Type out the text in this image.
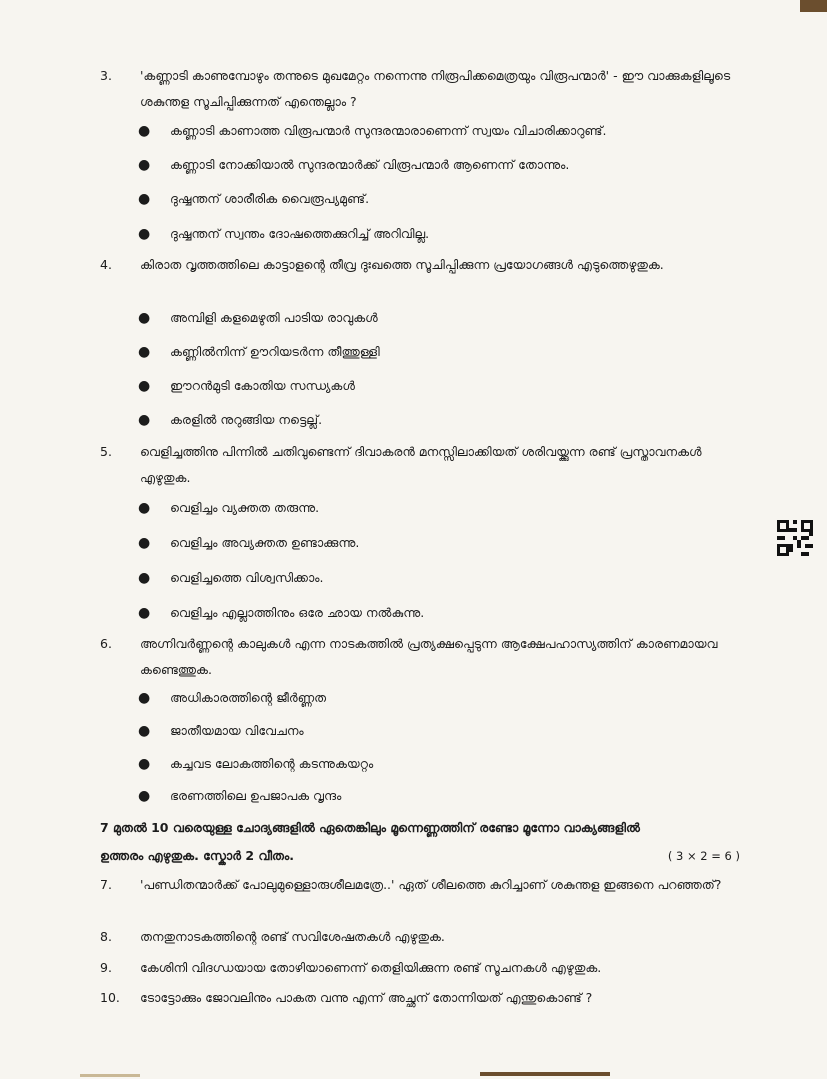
3.	'കണ്ണാടി കാണുമ്പോഴും തന്നുടെ മുഖമേറ്റം നന്നെന്നു നിരൂപിക്കമെത്രയും വിരൂപന്മാർ' - ഈ വാക്കുകളിലൂടെ ശകുന്തള സൂചിപ്പിക്കുന്നത് എന്തെല്ലാം ?
● കണ്ണാടി കാണാത്ത വിരൂപന്മാർ സുന്ദരന്മാരാണെന്ന് സ്വയം വിചാരിക്കാറുണ്ട്.
● കണ്ണാടി നോക്കിയാൽ സുന്ദരന്മാർക്ക് വിരൂപന്മാർ ആണെന്ന് തോന്നും.
● ദുഷ്ഷന്തന് ശാരീരിക വൈരൂപ്യമുണ്ട്.
● ദുഷ്ഷന്തന് സ്വന്തം ദോഷത്തെക്കുറിച്ച് അറിവില്ല.
4.	കിരാത വൃത്തത്തിലെ കാട്ടാളന്റെ തീവ്ര ദുഃഖത്തെ സൂചിപ്പിക്കുന്ന പ്രയോഗങ്ങൾ എടുത്തെഴുതുക.
● അമ്പിളി കളമെഴുതി പാടിയ രാവുകൾ
● കണ്ണിൽനിന്ന് ഊറിയടർന്ന തീത്തുള്ളി
● ഈറൻമുടി കോതിയ സന്ധ്യകൾ
● കരളിൽ നുറുങ്ങിയ നട്ടെല്ല്.
5.	വെളിച്ചത്തിനു പിന്നിൽ ചതിവുണ്ടെന്ന് ദിവാകരൻ മനസ്സിലാക്കിയത് ശരിവയ്ക്കുന്ന രണ്ട് പ്രസ്താവനകൾ എഴുതുക.
● വെളിച്ചം വ്യക്തത തരുന്നു.
● വെളിച്ചം അവ്യക്തത ഉണ്ടാക്കുന്നു.
● വെളിച്ചത്തെ വിശ്വസിക്കാം.
● വെളിച്ചം എല്ലാത്തിനും ഒരേ ഛായ നൽകുന്നു.
6.	അഗ്നിവർണ്ണന്റെ കാലുകൾ എന്ന നാടകത്തിൽ പ്രത്യക്ഷപ്പെടുന്ന ആക്ഷേപഹാസ്യത്തിന് കാരണമായവ കണ്ടെത്തുക.
● അധികാരത്തിന്റെ ജീർണ്ണത
● ജാതീയമായ വിവേചനം
● കച്ചവട ലോകത്തിന്റെ കടന്നുകയറ്റം
● ഭരണത്തിലെ ഉപജാപക വൃന്ദം
7 മുതൽ 10 വരെയുള്ള ചോദ്യങ്ങളിൽ ഏതെങ്കിലും മൂന്നെണ്ണത്തിന് രണ്ടോ മൂന്നോ വാക്യങ്ങളിൽ ഉത്തരം എഴുതുക. സ്കോർ 2 വീതം.	( 3 × 2 = 6 )
7.	'പണ്ഡിതന്മാർക്ക് പോലുമുള്ളൊരുശീലമത്രേ..' ഏത് ശീലത്തെ കുറിച്ചാണ് ശകുന്തള ഇങ്ങനെ പറഞ്ഞത്?
8.	തനതുനാടകത്തിന്റെ രണ്ട് സവിശേഷതകൾ എഴുതുക.
9.	കേശിനി വിദഗ്ധയായ തോഴിയാണെന്ന് തെളിയിക്കുന്ന രണ്ട് സൂചനകൾ എഴുതുക.
10.	ടോട്ടോക്കും ജോവലിനും പാകത വന്നു എന്ന് അച്ഛന് തോന്നിയത് എന്തുകൊണ്ട് ?
